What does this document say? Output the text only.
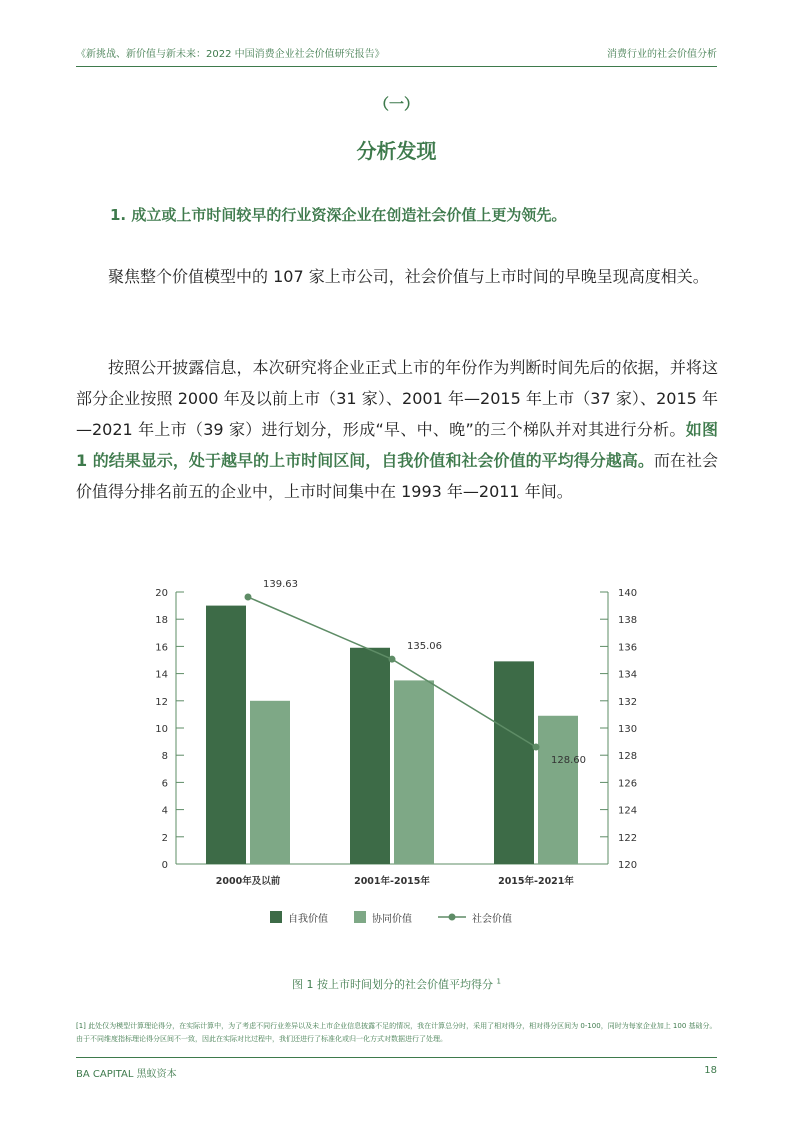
《新挑战、新价值与新未来：2022 中国消费企业社会价值研究报告》	消费行业的社会价值分析
（一）
分析发现
1. 成立或上市时间较早的行业资深企业在创造社会价值上更为领先。
聚焦整个价值模型中的 107 家上市公司，社会价值与上市时间的早晚呈现高度相关。
按照公开披露信息，本次研究将企业正式上市的年份作为判断时间先后的依据，并将这部分企业按照 2000 年及以前上市（31 家）、2001 年—2015 年上市（37 家）、2015 年—2021 年上市（39 家）进行划分，形成“早、中、晚”的三个梯队并对其进行分析。如图 1 的结果显示，处于越早的上市时间区间，自我价值和社会价值的平均得分越高。而在社会价值得分排名前五的企业中，上市时间集中在 1993 年—2011 年间。
0
2
4
6
8
10
12
14
16
18
20
120
122
124
126
128
130
132
134
136
138
140
2000年及以前	2001年-2015年	2015年-2021年
139.63
135.06
128.60
自我价值	协同价值	社会价值
图 1 按上市时间划分的社会价值平均得分 $^1$
[1] 此处仅为模型计算理论得分，在实际计算中，为了考虑不同行业差异以及未上市企业信息披露不足的情况，我在计算总分时，采用了相对得分，相对得分区间为 0-100，同时为每家企业加上 100 基础分。由于不同维度指标理论得分区间不一致，因此在实际对比过程中，我们还进行了标准化或归一化方式对数据进行了处理。
BA CAPITAL 黑蚁资本	18
